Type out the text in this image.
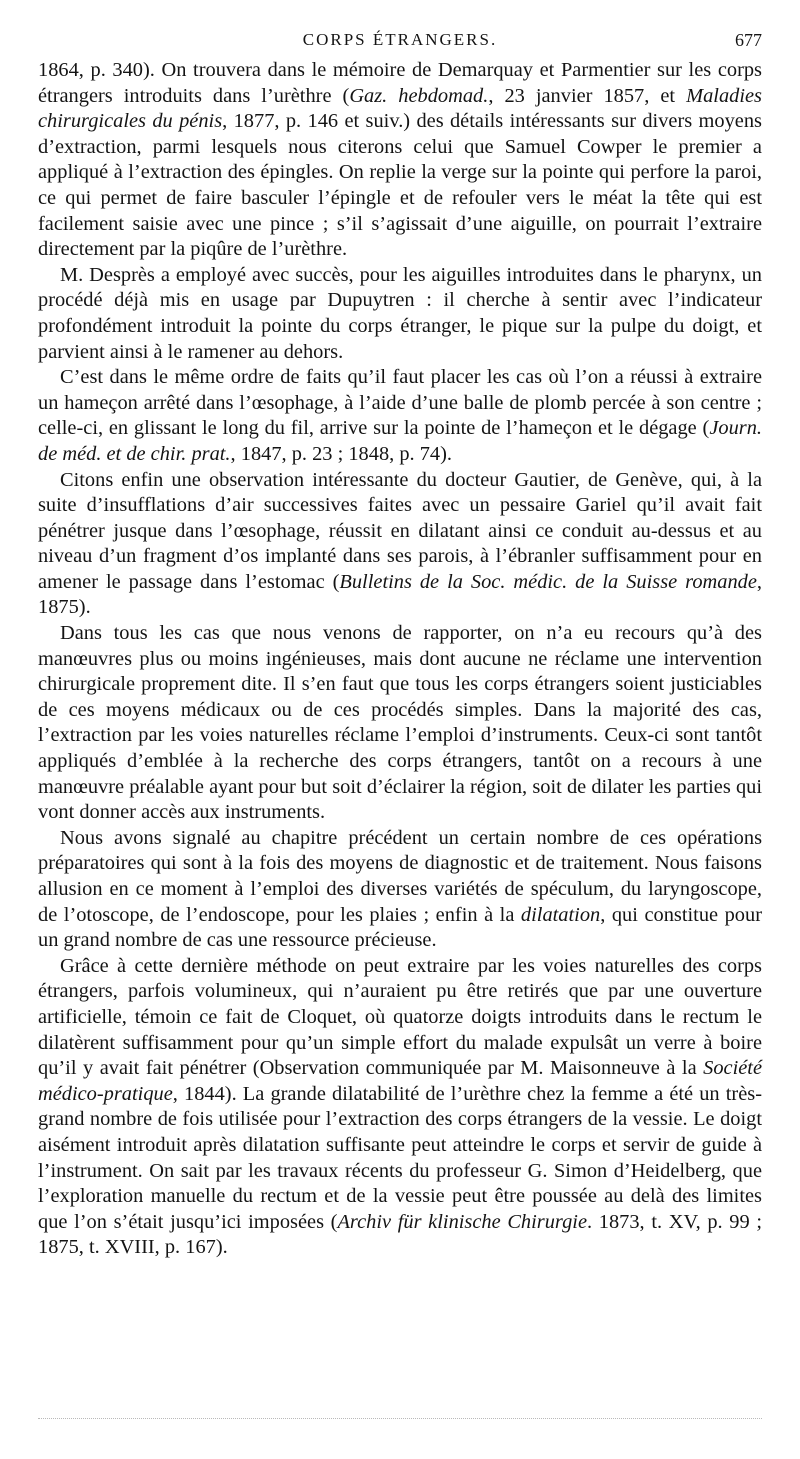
CORPS ÉTRANGERS.	677

1864, p. 340). On trouvera dans le mémoire de Demarquay et Parmentier sur les corps étrangers introduits dans l’urèthre (Gaz. hebdomad., 23 janvier 1857, et Maladies chirurgicales du pénis, 1877, p. 146 et suiv.) des détails intéressants sur divers moyens d’extraction, parmi lesquels nous citerons celui que Samuel Cowper le premier a appliqué à l’extraction des épingles. On replie la verge sur la pointe qui perfore la paroi, ce qui permet de faire basculer l’épingle et de refouler vers le méat la tête qui est facilement saisie avec une pince ; s’il s’agissait d’une aiguille, on pourrait l’extraire directement par la piqûre de l’urèthre.

M. Desprès a employé avec succès, pour les aiguilles introduites dans le pharynx, un procédé déjà mis en usage par Dupuytren : il cherche à sentir avec l’indicateur profondément introduit la pointe du corps étranger, le pique sur la pulpe du doigt, et parvient ainsi à le ramener au dehors.

C’est dans le même ordre de faits qu’il faut placer les cas où l’on a réussi à extraire un hameçon arrêté dans l’œsophage, à l’aide d’une balle de plomb percée à son centre ; celle-ci, en glissant le long du fil, arrive sur la pointe de l’hameçon et le dégage (Journ. de méd. et de chir. prat., 1847, p. 23 ; 1848, p. 74).

Citons enfin une observation intéressante du docteur Gautier, de Genève, qui, à la suite d’insufflations d’air successives faites avec un pessaire Gariel qu’il avait fait pénétrer jusque dans l’œsophage, réussit en dilatant ainsi ce conduit au-dessus et au niveau d’un fragment d’os implanté dans ses parois, à l’ébranler suffisamment pour en amener le passage dans l’estomac (Bulletins de la Soc. médic. de la Suisse romande, 1875).

Dans tous les cas que nous venons de rapporter, on n’a eu recours qu’à des manœuvres plus ou moins ingénieuses, mais dont aucune ne réclame une intervention chirurgicale proprement dite. Il s’en faut que tous les corps étrangers soient justiciables de ces moyens médicaux ou de ces procédés simples. Dans la majorité des cas, l’extraction par les voies naturelles réclame l’emploi d’instruments. Ceux-ci sont tantôt appliqués d’emblée à la recherche des corps étrangers, tantôt on a recours à une manœuvre préalable ayant pour but soit d’éclairer la région, soit de dilater les parties qui vont donner accès aux instruments.

Nous avons signalé au chapitre précédent un certain nombre de ces opérations préparatoires qui sont à la fois des moyens de diagnostic et de traitement. Nous faisons allusion en ce moment à l’emploi des diverses variétés de spéculum, du laryngoscope, de l’otoscope, de l’endoscope, pour les plaies ; enfin à la dilatation, qui constitue pour un grand nombre de cas une ressource précieuse.

Grâce à cette dernière méthode on peut extraire par les voies naturelles des corps étrangers, parfois volumineux, qui n’auraient pu être retirés que par une ouverture artificielle, témoin ce fait de Cloquet, où quatorze doigts introduits dans le rectum le dilatèrent suffisamment pour qu’un simple effort du malade expulsât un verre à boire qu’il y avait fait pénétrer (Observation communiquée par M. Maisonneuve à la Société médico-pratique, 1844). La grande dilatabilité de l’urèthre chez la femme a été un très-grand nombre de fois utilisée pour l’extraction des corps étrangers de la vessie. Le doigt aisément introduit après dilatation suffisante peut atteindre le corps et servir de guide à l’instrument. On sait par les travaux récents du professeur G. Simon d’Heidelberg, que l’exploration manuelle du rectum et de la vessie peut être poussée au delà des limites que l’on s’était jusqu’ici imposées (Archiv für klinische Chirurgie. 1873, t. XV, p. 99 ; 1875, t. XVIII, p. 167).
